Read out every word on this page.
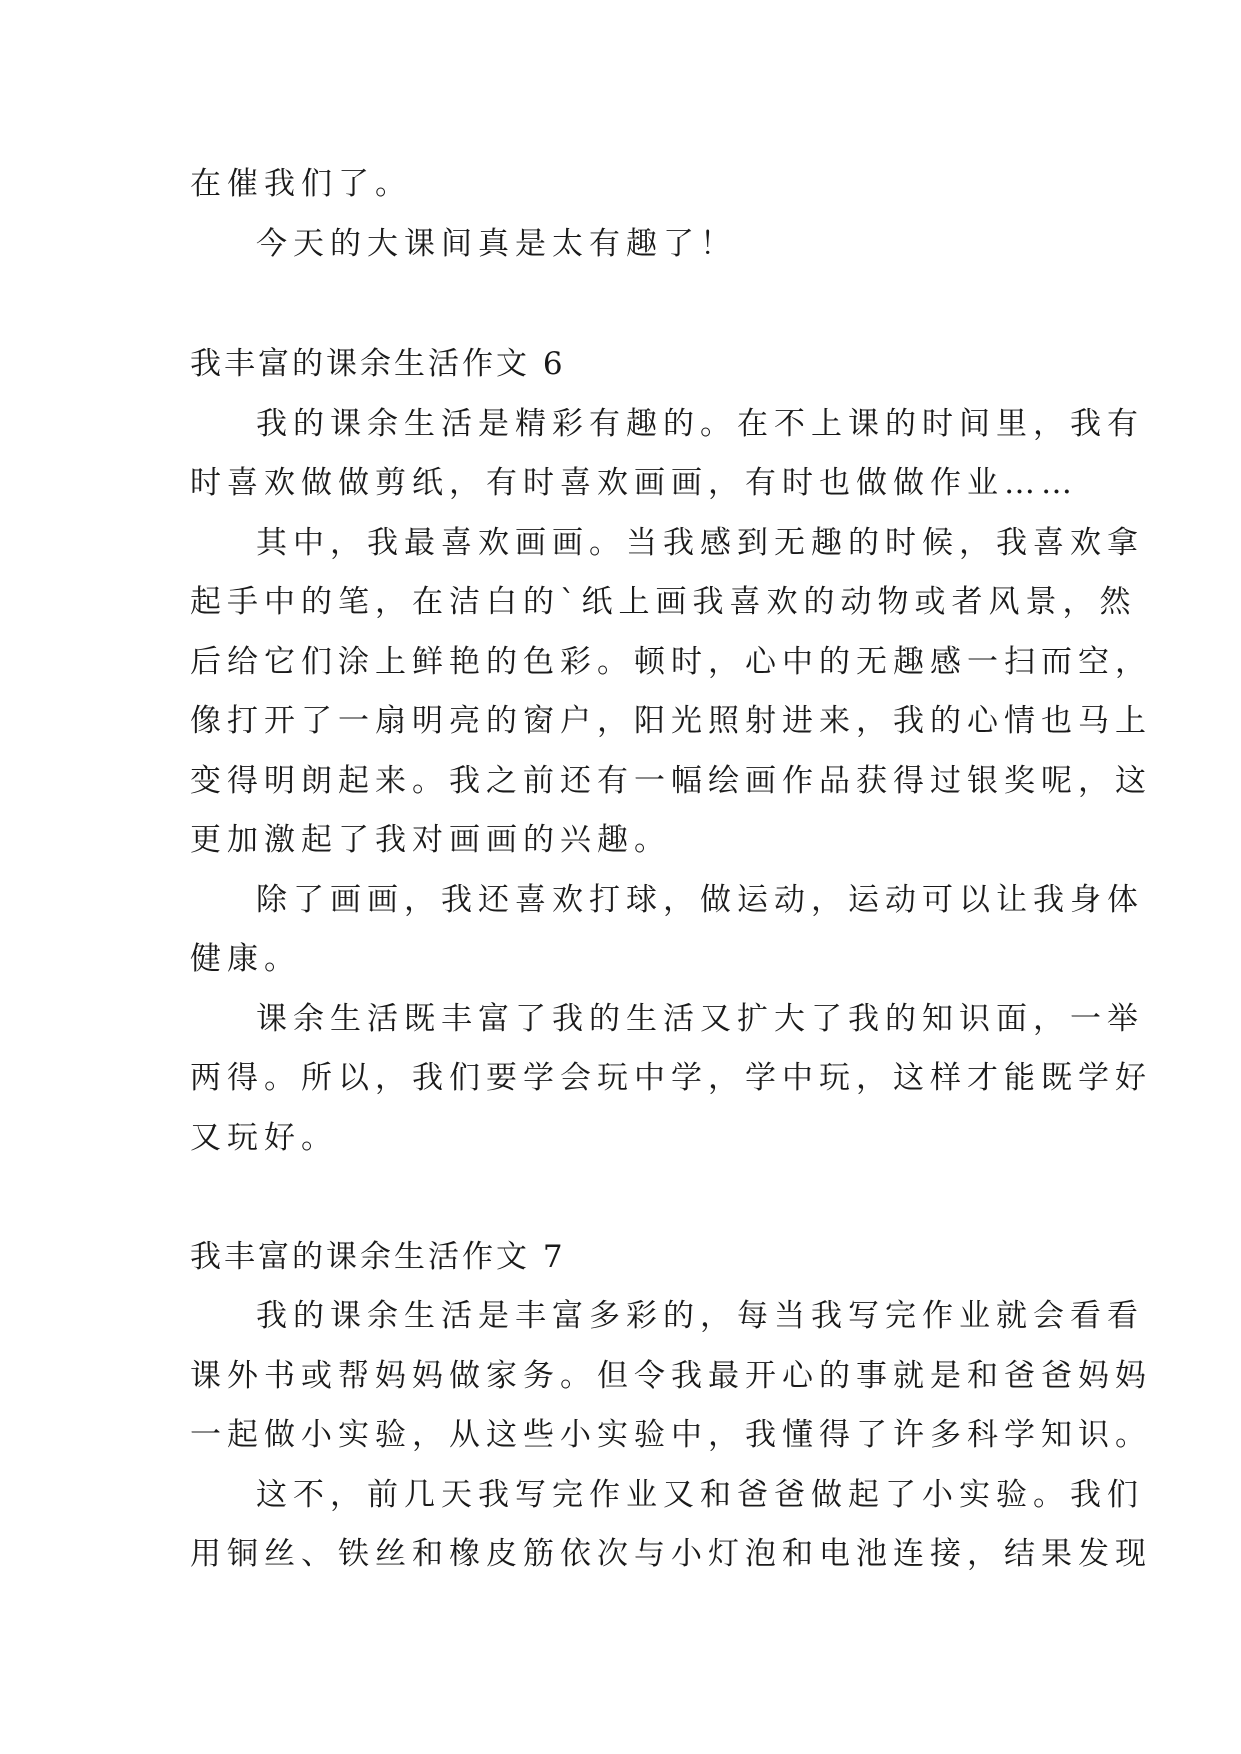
在催我们了。
今天的大课间真是太有趣了！
我丰富的课余生活作文 6
我的课余生活是精彩有趣的。在不上课的时间里，我有
时喜欢做做剪纸，有时喜欢画画，有时也做做作业……
其中，我最喜欢画画。当我感到无趣的时候，我喜欢拿
起手中的笔，在洁白的`纸上画我喜欢的动物或者风景，然
后给它们涂上鲜艳的色彩。顿时，心中的无趣感一扫而空，
像打开了一扇明亮的窗户，阳光照射进来，我的心情也马上
变得明朗起来。我之前还有一幅绘画作品获得过银奖呢，这
更加激起了我对画画的兴趣。
除了画画，我还喜欢打球，做运动，运动可以让我身体
健康。
课余生活既丰富了我的生活又扩大了我的知识面，一举
两得。所以，我们要学会玩中学，学中玩，这样才能既学好
又玩好。
我丰富的课余生活作文 7
我的课余生活是丰富多彩的，每当我写完作业就会看看
课外书或帮妈妈做家务。但令我最开心的事就是和爸爸妈妈
一起做小实验，从这些小实验中，我懂得了许多科学知识。
这不，前几天我写完作业又和爸爸做起了小实验。我们
用铜丝、铁丝和橡皮筋依次与小灯泡和电池连接，结果发现
